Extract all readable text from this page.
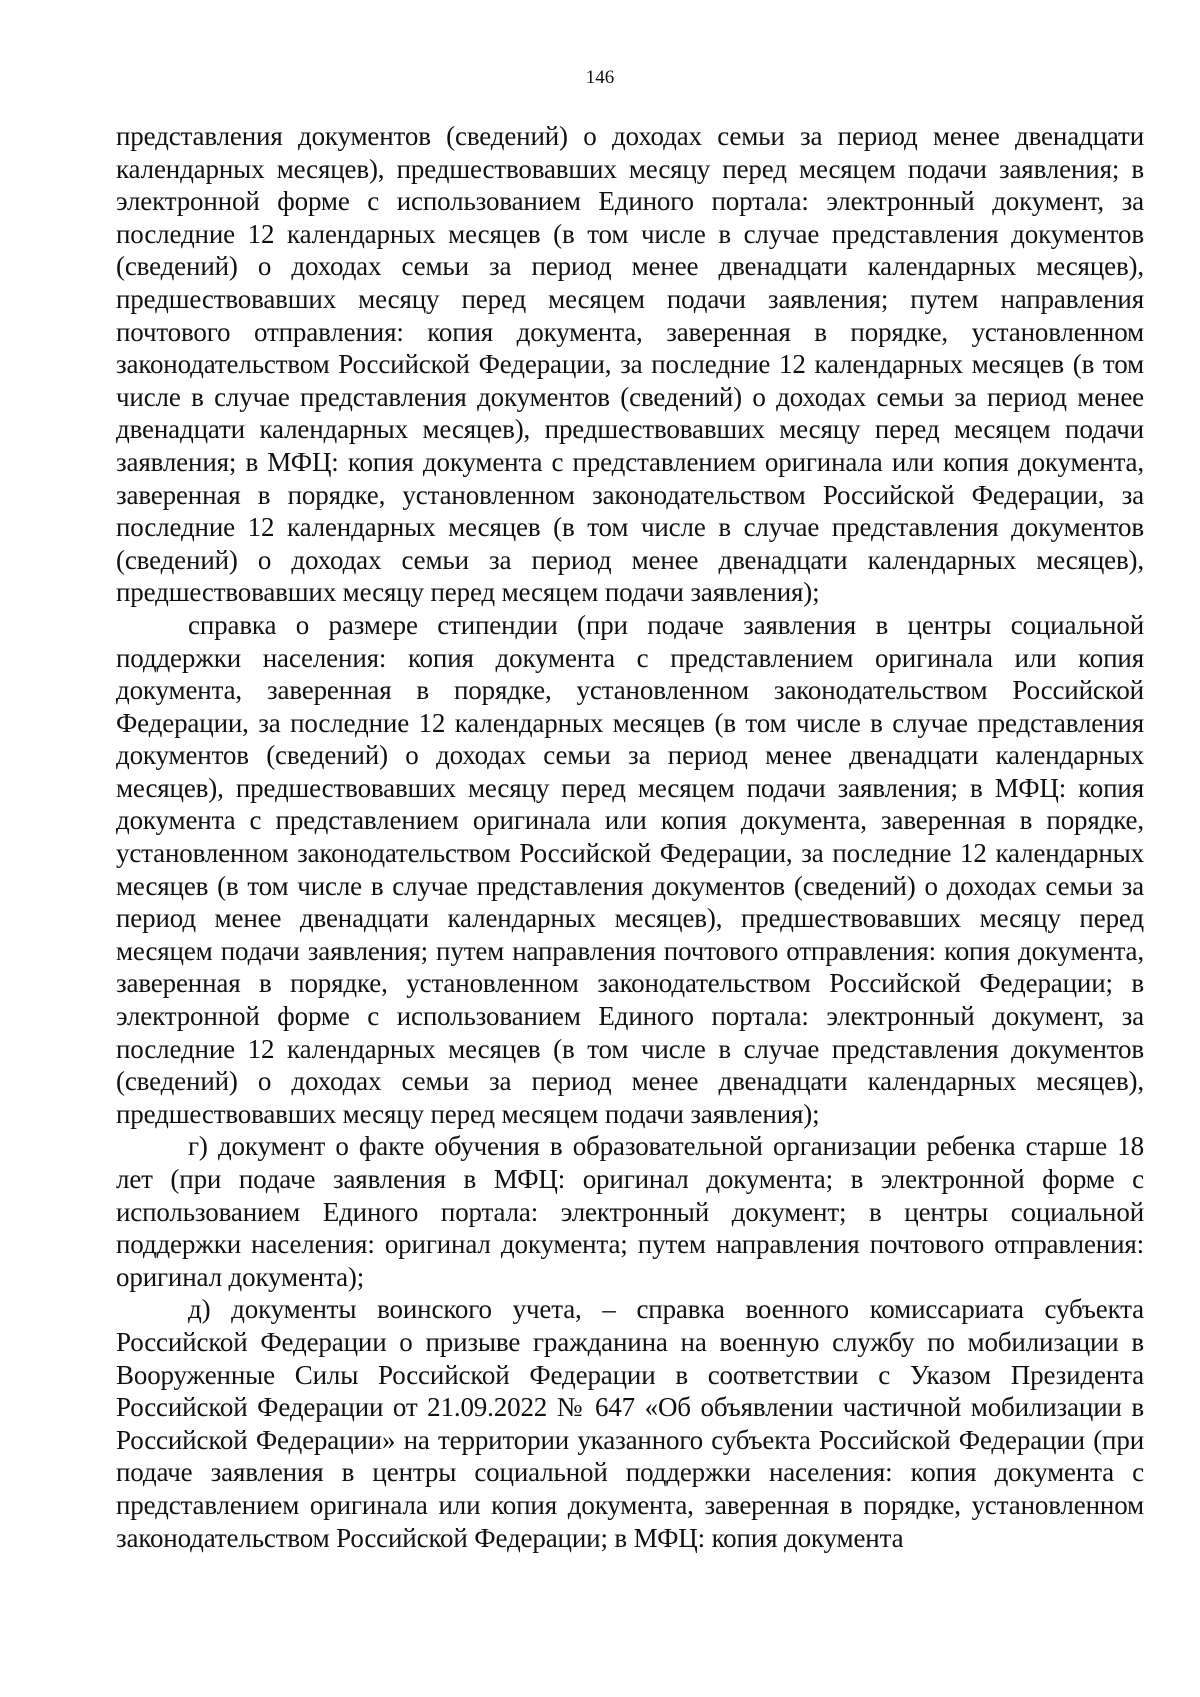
146

представления документов (сведений) о доходах семьи за период менее двенадцати календарных месяцев), предшествовавших месяцу перед месяцем подачи заявления; в электронной форме с использованием Единого портала: электронный документ, за последние 12 календарных месяцев (в том числе в случае представления документов (сведений) о доходах семьи за период менее двенадцати календарных месяцев), предшествовавших месяцу перед месяцем подачи заявления; путем направления почтового отправления: копия документа, заверенная в порядке, установленном законодательством Российской Федерации, за последние 12 календарных месяцев (в том числе в случае представления документов (сведений) о доходах семьи за период менее двенадцати календарных месяцев), предшествовавших месяцу перед месяцем подачи заявления; в МФЦ: копия документа с представлением оригинала или копия документа, заверенная в порядке, установленном законодательством Российской Федерации, за последние 12 календарных месяцев (в том числе в случае представления документов (сведений) о доходах семьи за период менее двенадцати календарных месяцев), предшествовавших месяцу перед месяцем подачи заявления);

справка о размере стипендии (при подаче заявления в центры социальной поддержки населения: копия документа с представлением оригинала или копия документа, заверенная в порядке, установленном законодательством Российской Федерации, за последние 12 календарных месяцев (в том числе в случае представления документов (сведений) о доходах семьи за период менее двенадцати календарных месяцев), предшествовавших месяцу перед месяцем подачи заявления; в МФЦ: копия документа с представлением оригинала или копия документа, заверенная в порядке, установленном законодательством Российской Федерации, за последние 12 календарных месяцев (в том числе в случае представления документов (сведений) о доходах семьи за период менее двенадцати календарных месяцев), предшествовавших месяцу перед месяцем подачи заявления; путем направления почтового отправления: копия документа, заверенная в порядке, установленном законодательством Российской Федерации; в электронной форме с использованием Единого портала: электронный документ, за последние 12 календарных месяцев (в том числе в случае представления документов (сведений) о доходах семьи за период менее двенадцати календарных месяцев), предшествовавших месяцу перед месяцем подачи заявления);

г) документ о факте обучения в образовательной организации ребенка старше 18 лет (при подаче заявления в МФЦ: оригинал документа; в электронной форме с использованием Единого портала: электронный документ; в центры социальной поддержки населения: оригинал документа; путем направления почтового отправления: оригинал документа);

д) документы воинского учета, – справка военного комиссариата субъекта Российской Федерации о призыве гражданина на военную службу по мобилизации в Вооруженные Силы Российской Федерации в соответствии с Указом Президента Российской Федерации от 21.09.2022 № 647 «Об объявлении частичной мобилизации в Российской Федерации» на территории указанного субъекта Российской Федерации (при подаче заявления в центры социальной поддержки населения: копия документа с представлением оригинала или копия документа, заверенная в порядке, установленном законодательством Российской Федерации; в МФЦ: копия документа
